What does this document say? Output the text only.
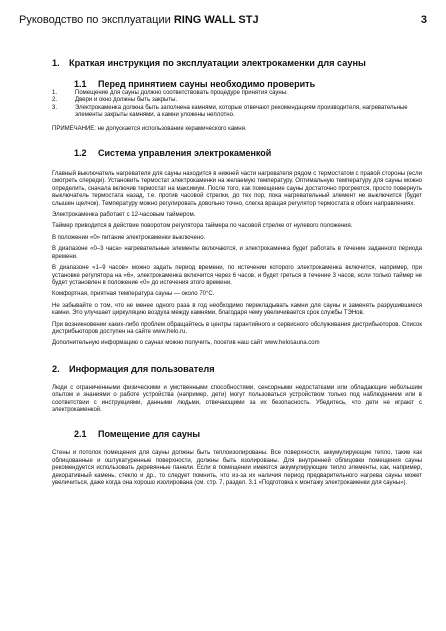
Руководство по эксплуатации RING WALL STJ	3
1. Краткая инструкция по эксплуатации электрокаменки для сауны
1.1 Перед принятием сауны необходимо проверить
1.	Помещение для сауны должно соответствовать процедуре принятия сауны.
2.	Двери и окно должны быть закрыты.
3.	Электрокаменка должна быть заполнена камнями, которые отвечают рекомендациям производителя, нагревательные элементы закрыты камнями, а камни уложены неплотно.

ПРИМЕЧАНИЕ: не допускается использование керамического камня.

1.2 Система управления электрокаменкой

Главный выключатель нагревателя для сауны находится в нижней части нагревателя рядом с термостатом с правой стороны (если смотреть спереди). Установить термостат электрокаменки на желаемую температуру. Оптимальную температуру для сауны можно определить, сначала включив термостат на максимум. После того, как помещение сауны достаточно прогреется, просто повернуть выключатель термостата назад, т.е. против часовой стрелки, до тех пор, пока нагревательный элемент не выключится (будет слышен щелчок). Температуру можно регулировать довольно точно, слегка вращая регулятор термостата в обоих направлениях.

Электрокаменка работает с 12-часовым таймером.

Таймер приводится в действие поворотом регулятора таймера по часовой стрелке от нулевого положения.

В положении «0» питание электрокаменки выключено.

В диапазоне «0–3 часа» нагревательные элементы включаются, и электрокаменка будет работать в течение заданного периода времени.

В диапазоне «1–9 часов» можно задать период времени, по истечении которого электрокаменка включится, например, при установке регулятора на «6», электрокаменка включится через 6 часов, и будет греться в течение 3 часов, если только таймер не будет установлен в положение «0» до истечения этого времени.

Комфортная, приятная температура сауны — около 70°C.

Не забывайте о том, что не менее одного раза в год необходимо перекладывать камни для сауны и заменять разрушившиеся камни. Это улучшает циркуляцию воздуха между камнями, благодаря чему увеличивается срок службы ТЭНов.

При возникновении каких-либо проблем обращайтесь в центры гарантийного и сервисного обслуживания дистрибьюторов. Список дистрибьюторов доступен на сайте www.helo.ru.

Дополнительную информацию о саунах можно получить, посетив наш сайт www.helosauna.com

2. Информация для пользователя

Люди с ограниченными физическими и умственными способностями, сенсорными недостатками или обладающие небольшим опытом и знаниями о работе устройства (например, дети) могут пользоваться устройством только под наблюдением или в соответствии с инструкциями, данными людьми, отвечающими за их безопасность. Убедитесь, что дети не играют с электрокаменкой.

2.1 Помещение для сауны

Стены и потолок помещения для сауны должны быть теплоизолированы. Все поверхности, аккумулирующие тепло, такие как облицованные и оштукатуренные поверхности, должны быть изолированы. Для внутренней облицовки помещения сауны рекомендуется использовать деревянные панели. Если в помещении имеются аккумулирующие тепло элементы, как, например, декоративный камень, стекло и др., то следует помнить, что из-за их наличия период предварительного нагрева сауны может увеличиться, даже когда она хорошо изолирована (см. стр. 7, раздел. 3.1 «Подготовка к монтажу электрокаменки для сауны»).
